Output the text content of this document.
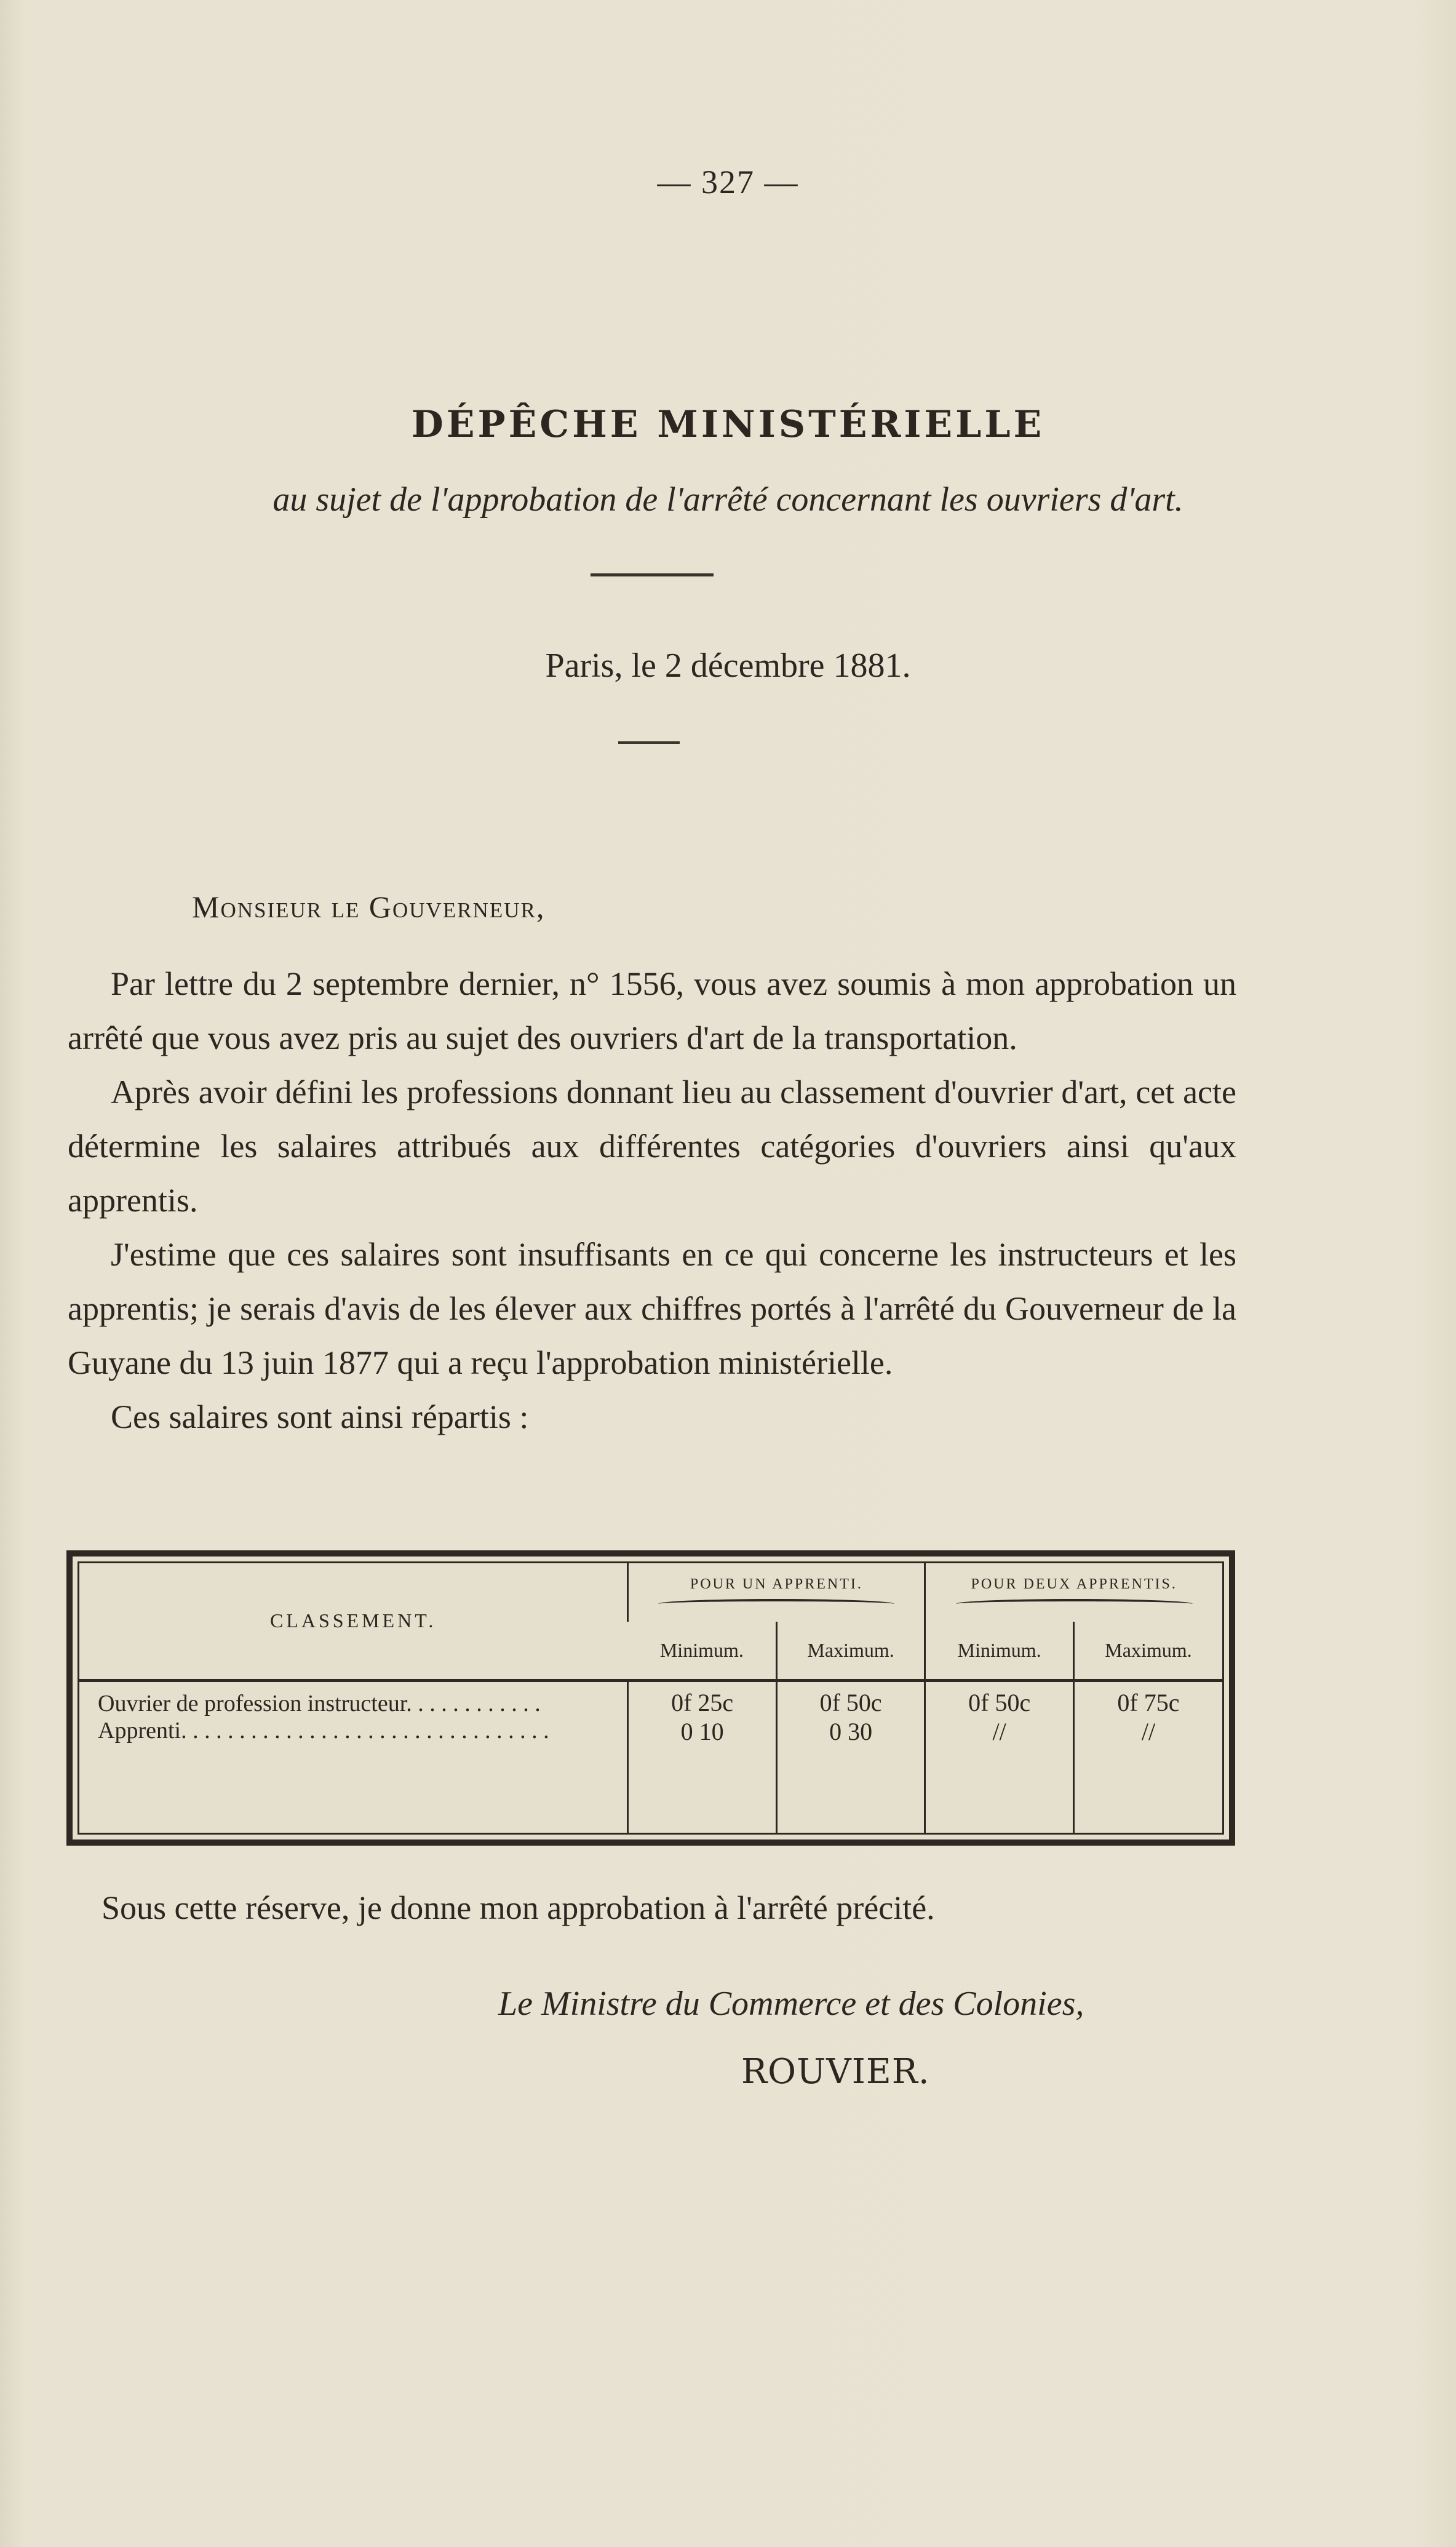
— 327 —
DÉPÊCHE MINISTÉRIELLE
au sujet de l'approbation de l'arrêté concernant les ouvriers d'art.
Paris, le 2 décembre 1881.
Monsieur le Gouverneur,

Par lettre du 2 septembre dernier, n° 1556, vous avez soumis à mon approbation un arrêté que vous avez pris au sujet des ouvriers d'art de la transportation.

Après avoir défini les professions donnant lieu au classement d'ouvrier d'art, cet acte détermine les salaires attribués aux différentes catégories d'ouvriers ainsi qu'aux apprentis.

J'estime que ces salaires sont insuffisants en ce qui concerne les instructeurs et les apprentis; je serais d'avis de les élever aux chiffres portés à l'arrêté du Gouverneur de la Guyane du 13 juin 1877 qui a reçu l'approbation ministérielle.

Ces salaires sont ainsi répartis :

CLASSEMENT.	POUR UN APPRENTI.		POUR DEUX APPRENTIS.	

	Minimum.	Maximum.	Minimum.	Maximum.
Ouvrier de profession instructeur. . . . . . . . . . . .	0f 25c	0f 50c	0f 50c	0f 75c
Apprenti. . . . . . . . . . . . . . . . . . . . . . . . . . . . . . . .	0 10	0 30	//	//
Sous cette réserve, je donne mon approbation à l'arrêté précité.
Le Ministre du Commerce et des Colonies,
ROUVIER.
